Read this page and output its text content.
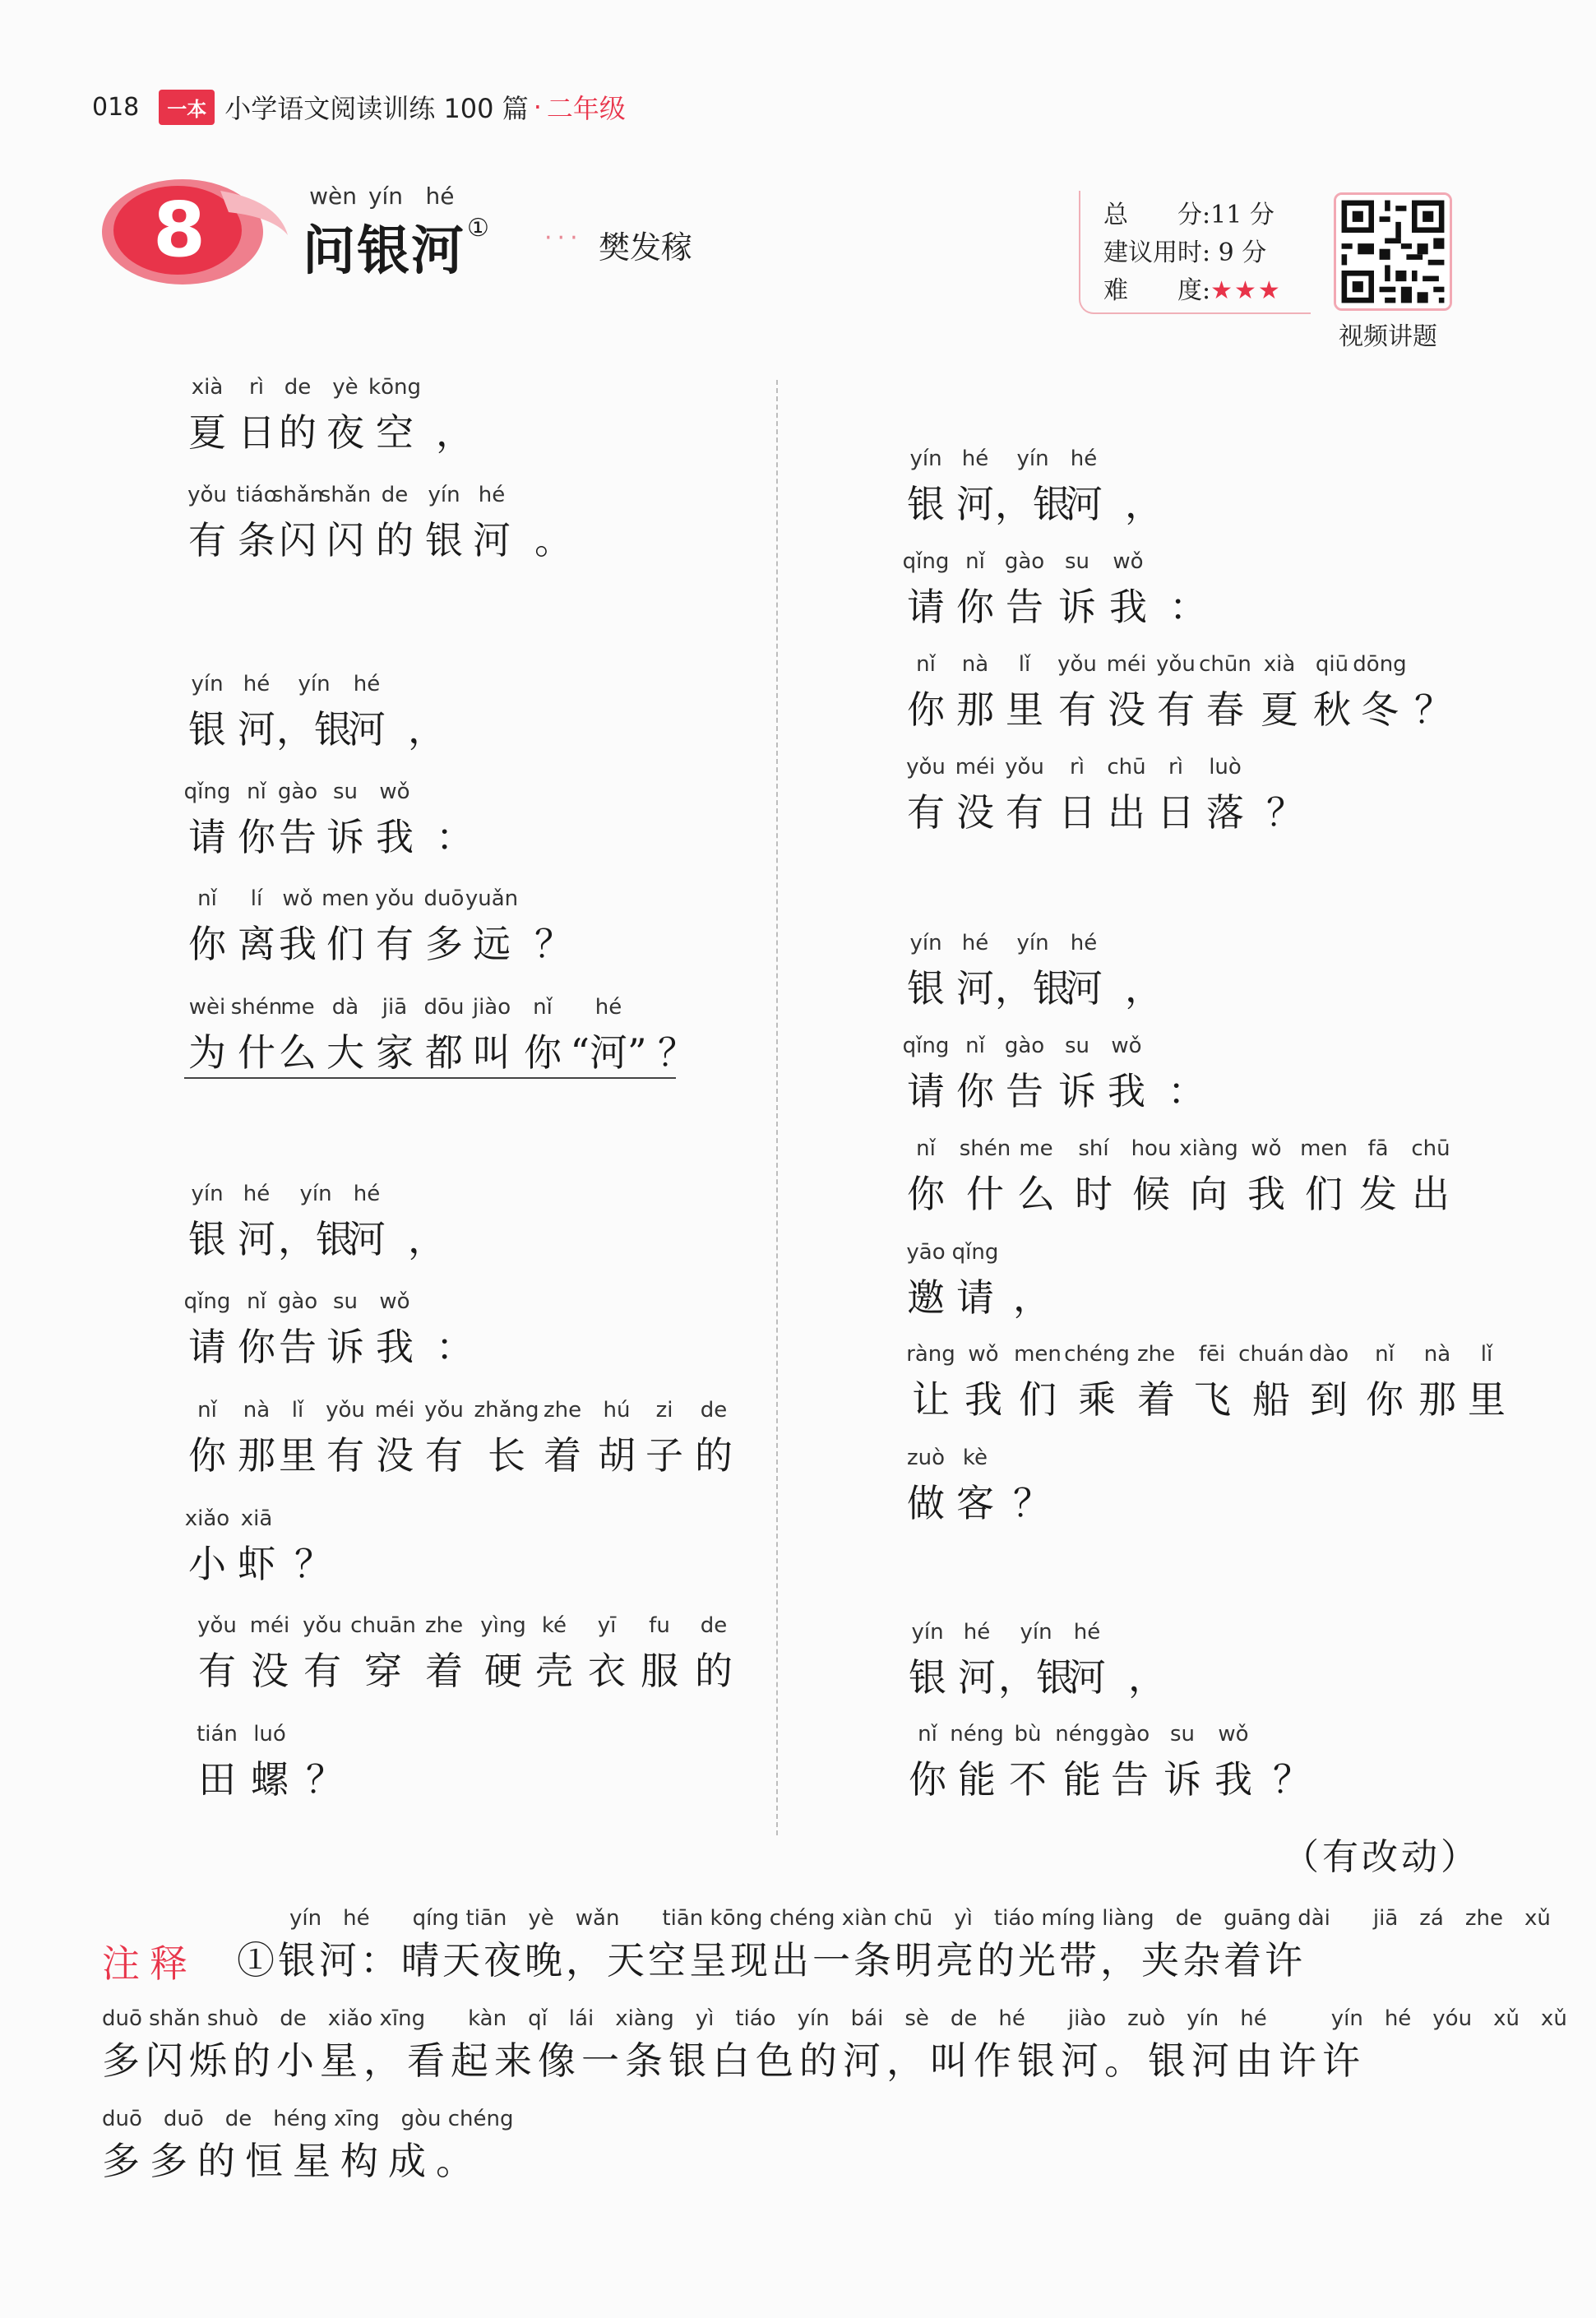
018	一本 小学语文阅读训练 100 篇 · 二年级
8	wèn yín hé
问银河 ① ··· 樊发稼
总　　分:11 分
建议用时: 9 分
难　　度:★★★
视频讲题
xià	rì de	yè kōng
夏 日 的 夜 空 ，
yǒu tiáo
shǎn
shǎn de yín hé
有 条 闪 闪 的 银 河 。
yín hé	yín	hé
银 河 ，银
河 ，
qǐng nǐ gào su	wǒ
请 你 告 诉 我 ：
nǐ	lí wǒ men yǒu duō yuǎn
你 离 我 们 有 多 远 ？
wèi shén
me dà	jiā dōu jiào	nǐ	hé
为 什 么 大 家 都 叫 你 “河” ？
yín hé	yín	hé
银 河 ，银
河 ，
qǐng nǐ gào su	wǒ
请 你 告 诉 我 ：
nǐ	nà	lǐ	yǒu méi yǒu zhǎng zhe	hú	zi	de
你 那 里 有 没 有 长 着 胡 子 的
xiǎo xiā
小 虾 ？
yǒu méi yǒu chuān zhe yìng ké	yī	fu	de
有 没 有 穿 着 硬 壳 衣 服 的
tián luó
田 螺 ？
yín hé	yín	hé
银 河 ，银
河 ，
qǐng nǐ gào su	wǒ
请 你 告 诉 我 ：
nǐ	nà	lǐ	yǒu méi yǒu chūn xià qiū dōng
你 那 里 有 没 有 春 夏 秋 冬 ？
yǒu méi yǒu	rì	chū	rì	luò
有 没 有 日 出 日 落 ？
yín hé	yín	hé
银 河 ，银
河 ，
qǐng nǐ gào su	wǒ
请 你 告 诉 我 ：
nǐ	shén me	shí	hou xiàng wǒ men fā	chū
你 什 么 时 候 向 我 们 发 出
yāo qǐng
邀 请 ，
ràng wǒ men chéng zhe	fēi chuán dào	nǐ	nà	lǐ
让 我 们 乘 着 飞 船 到 你 那 里
zuò kè
做 客 ？
yín hé	yín	hé
银 河 ，银
河 ，
nǐ néng bù néng gào su	wǒ
你 能 不 能 告 诉 我 ？
（有改动）
注释
yín　hé　　qíng tiān　yè　wǎn　　tiān kōng chéng xiàn chū　yì　tiáo míng liàng　de　guāng dài　　jiā　zá　zhe　xǔ
①银河：晴天夜晚，天空呈现出一条明亮的光带，夹杂着许
duō shǎn shuò　de　xiǎo xīng　　kàn　qǐ　lái　xiàng　yì　tiáo　yín　bái　sè　de　hé　　jiào　zuò　yín　hé　　　yín　hé　yóu　xǔ　xǔ
多闪烁的小星，看起来像一条银白色的河，叫作银河。银河由许许
duō　duō　de　héng xīng　gòu chéng
多多的恒星构成。
